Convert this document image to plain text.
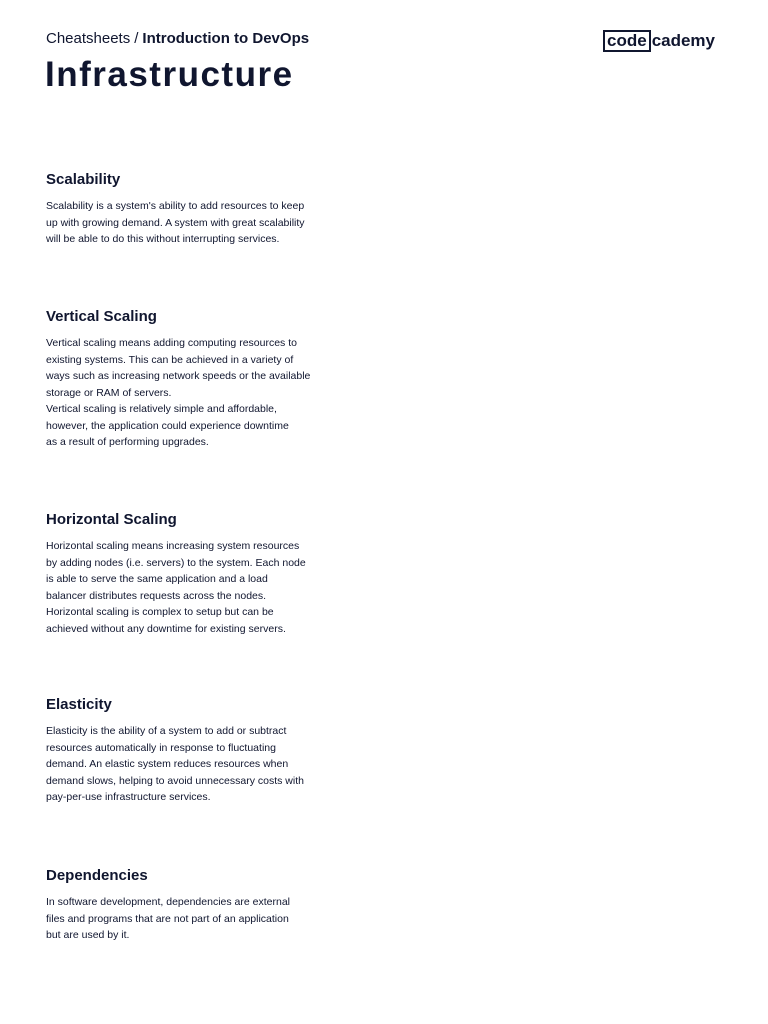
Cheatsheets / Introduction to DevOps
Infrastructure
code cademy
Scalability

Scalability is a system's ability to add resources to keep
up with growing demand. A system with great scalability
will be able to do this without interrupting services.

Vertical Scaling

Vertical scaling means adding computing resources to
existing systems. This can be achieved in a variety of
ways such as increasing network speeds or the available
storage or RAM of servers.
Vertical scaling is relatively simple and affordable,
however, the application could experience downtime
as a result of performing upgrades.

Horizontal Scaling

Horizontal scaling means increasing system resources
by adding nodes (i.e. servers) to the system. Each node
is able to serve the same application and a load
balancer distributes requests across the nodes.
Horizontal scaling is complex to setup but can be
achieved without any downtime for existing servers.

Elasticity

Elasticity is the ability of a system to add or subtract
resources automatically in response to fluctuating
demand. An elastic system reduces resources when
demand slows, helping to avoid unnecessary costs with
pay-per-use infrastructure services.

Dependencies

In software development, dependencies are external
files and programs that are not part of an application
but are used by it.
